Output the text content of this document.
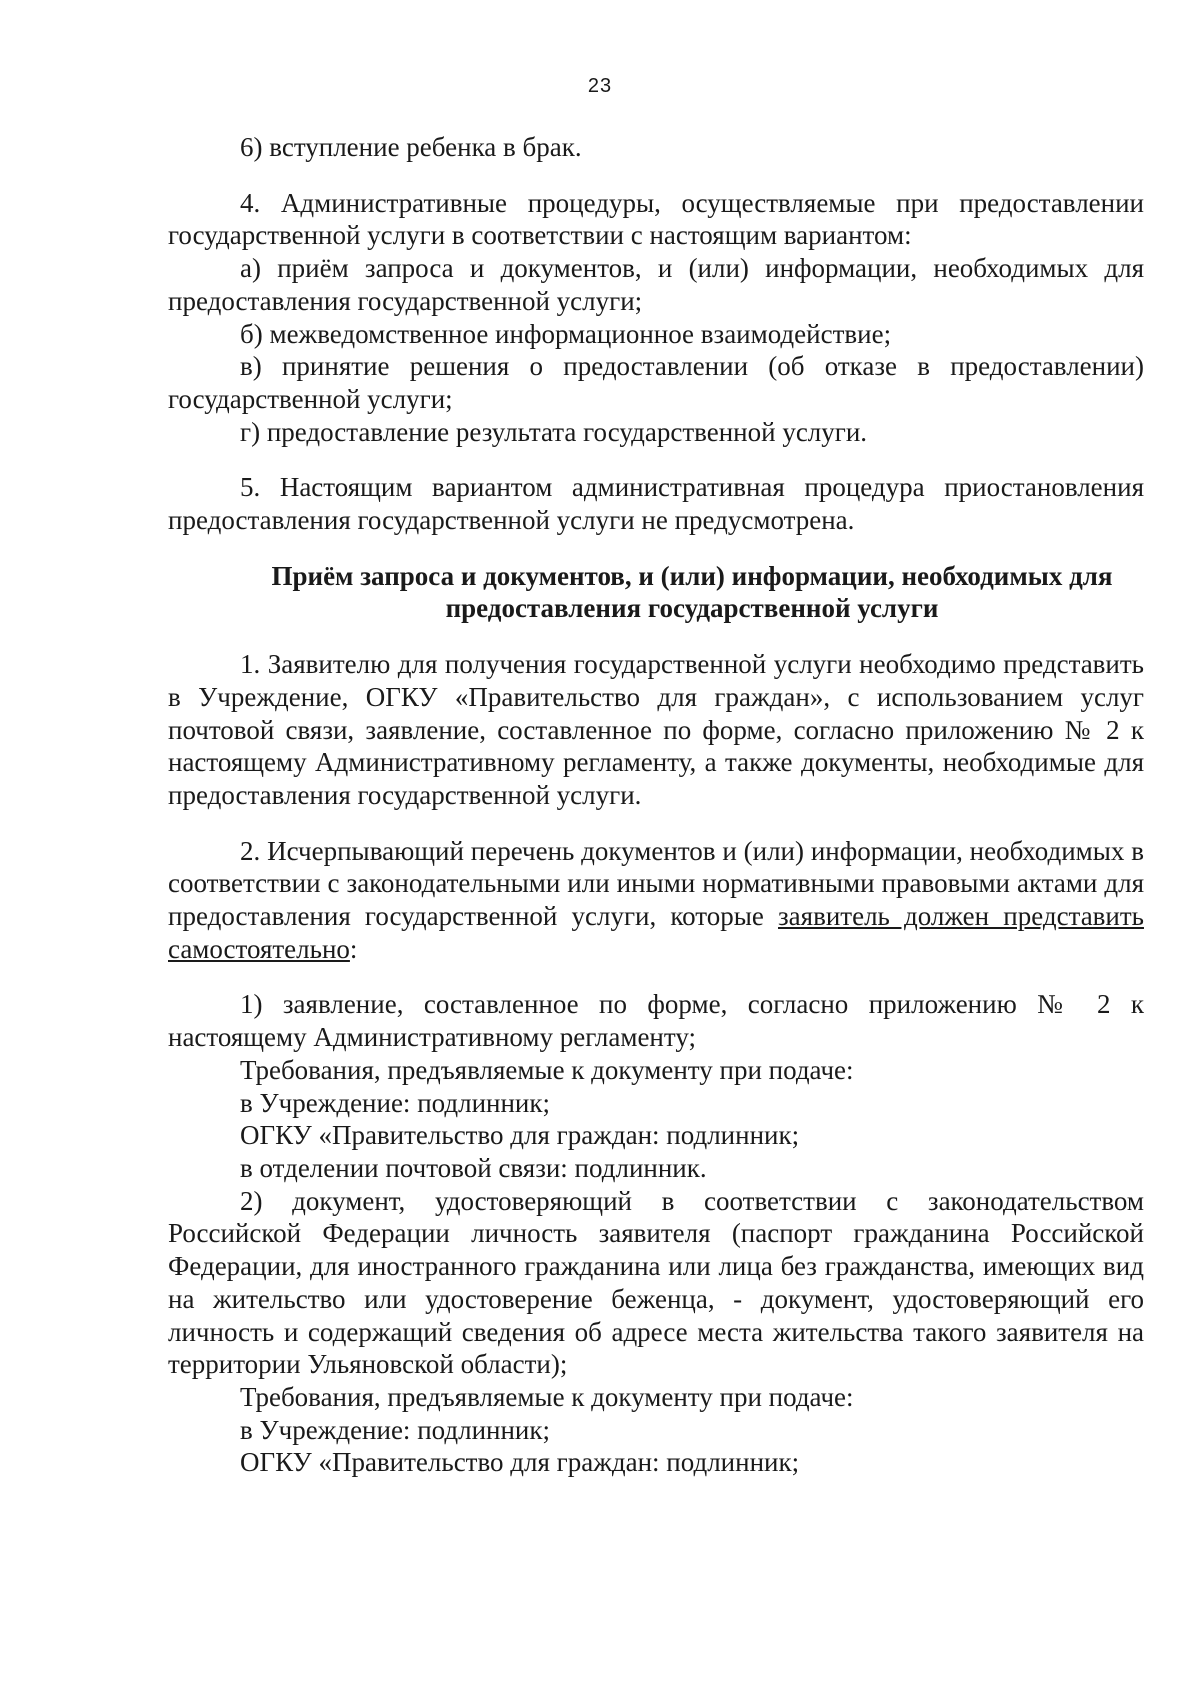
23

6) вступление ребенка в брак.

4. Административные процедуры, осуществляемые при предоставлении государственной услуги в соответствии с настоящим вариантом:

а) приём запроса и документов, и (или) информации, необходимых для предоставления государственной услуги;

б) межведомственное информационное взаимодействие;

в) принятие решения о предоставлении (об отказе в предоставлении) государственной услуги;

г) предоставление результата государственной услуги.

5. Настоящим вариантом административная процедура приостановления предоставления государственной услуги не предусмотрена.

Приём запроса и документов, и (или) информации, необходимых для
предоставления государственной услуги

1. Заявителю для получения государственной услуги необходимо представить в Учреждение, ОГКУ «Правительство для граждан», с использованием услуг почтовой связи, заявление, составленное по форме, согласно приложению № 2 к настоящему Административному регламенту, а также документы, необходимые для предоставления государственной услуги.

2. Исчерпывающий перечень документов и (или) информации, необходимых в соответствии с законодательными или иными нормативными правовыми актами для предоставления государственной услуги, которые заявитель должен представить самостоятельно:

1) заявление, составленное по форме, согласно приложению № 2 к настоящему Административному регламенту;

Требования, предъявляемые к документу при подаче:

в Учреждение: подлинник;

ОГКУ «Правительство для граждан: подлинник;

в отделении почтовой связи: подлинник.

2) документ, удостоверяющий в соответствии с законодательством Российской Федерации личность заявителя (паспорт гражданина Российской Федерации, для иностранного гражданина или лица без гражданства, имеющих вид на жительство или удостоверение беженца, - документ, удостоверяющий его личность и содержащий сведения об адресе места жительства такого заявителя на территории Ульяновской области);

Требования, предъявляемые к документу при подаче:

в Учреждение: подлинник;

ОГКУ «Правительство для граждан: подлинник;
